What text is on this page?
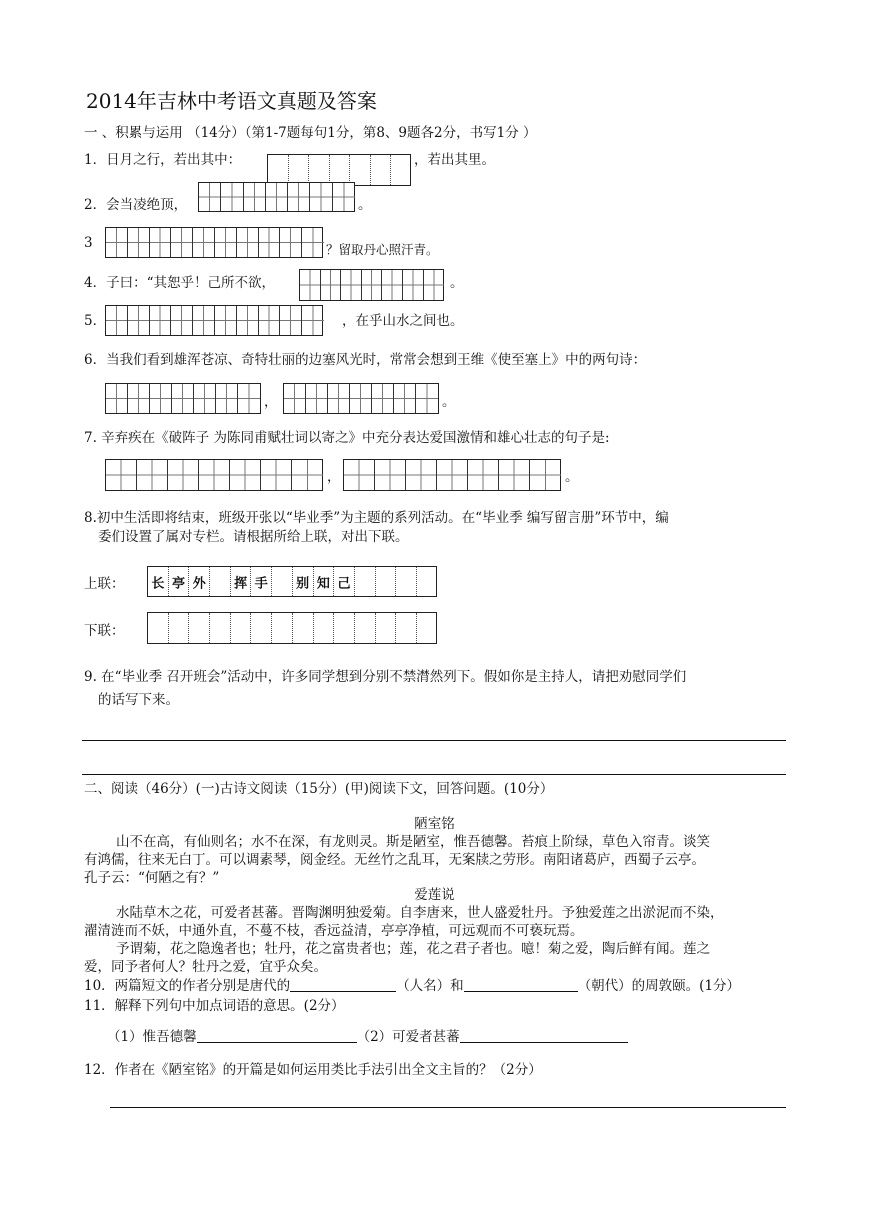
2014年吉林中考语文真题及答案
一 、积累与运用 （14分）（第1-7题每句1分，第8、9题各2分，书写1分 ）
1．日月之行，若出其中：	，若出其里。
2．会当凌绝顶，	。
3	？留取丹心照汗青。
4．子曰：“其恕乎！己所不欲，	。
5．	，在乎山水之间也。
6．当我们看到雄浑苍凉、奇特壮丽的边塞风光时，常常会想到王维《使至塞上》中的两句诗：
，	。
7. 辛弃疾在《破阵子 为陈同甫赋壮词以寄之》中充分表达爱国激情和雄心壮志的句子是:
，	。
8.初中生活即将结束，班级开张以“毕业季”为主题的系列活动。在“毕业季 编写留言册”环节中，编
委们设置了属对专栏。请根据所给上联，对出下联。
上联： 长 亭 外 挥 手 别 知 己
下联：
9. 在“毕业季 召开班会”活动中，许多同学想到分别不禁潸然列下。假如你是主持人，请把劝慰同学们
的话写下来。
二、阅读（46分）(一)古诗文阅读（15分）(甲)阅读下文，回答问题。(10分）
陋室铭
山不在高，有仙则名；水不在深，有龙则灵。斯是陋室，惟吾德馨。苔痕上阶绿，草色入帘青。谈笑
有鸿儒，往来无白丁。可以调素琴，阅金经。无丝竹之乱耳，无案牍之劳形。南阳诸葛庐，西蜀子云亭。
孔子云：“何陋之有？”
爱莲说
水陆草木之花，可爱者甚蕃。晋陶渊明独爱菊。自李唐来，世人盛爱牡丹。予独爱莲之出淤泥而不染，
濯清涟而不妖，中通外直，不蔓不枝，香远益清，亭亭净植，可远观而不可亵玩焉。
予谓菊，花之隐逸者也；牡丹，花之富贵者也；莲，花之君子者也。噫！菊之爱，陶后鲜有闻。莲之
爱，同予者何人？牡丹之爱，宜乎众矣。
10．两篇短文的作者分别是唐代的	（人名）和	（朝代）的周敦颐。(1分）
11．解释下列句中加点词语的意思。(2分）
（1）惟吾德馨	（2）可爱者甚蕃
12．作者在《陋室铭》的开篇是如何运用类比手法引出全文主旨的？（2分）
